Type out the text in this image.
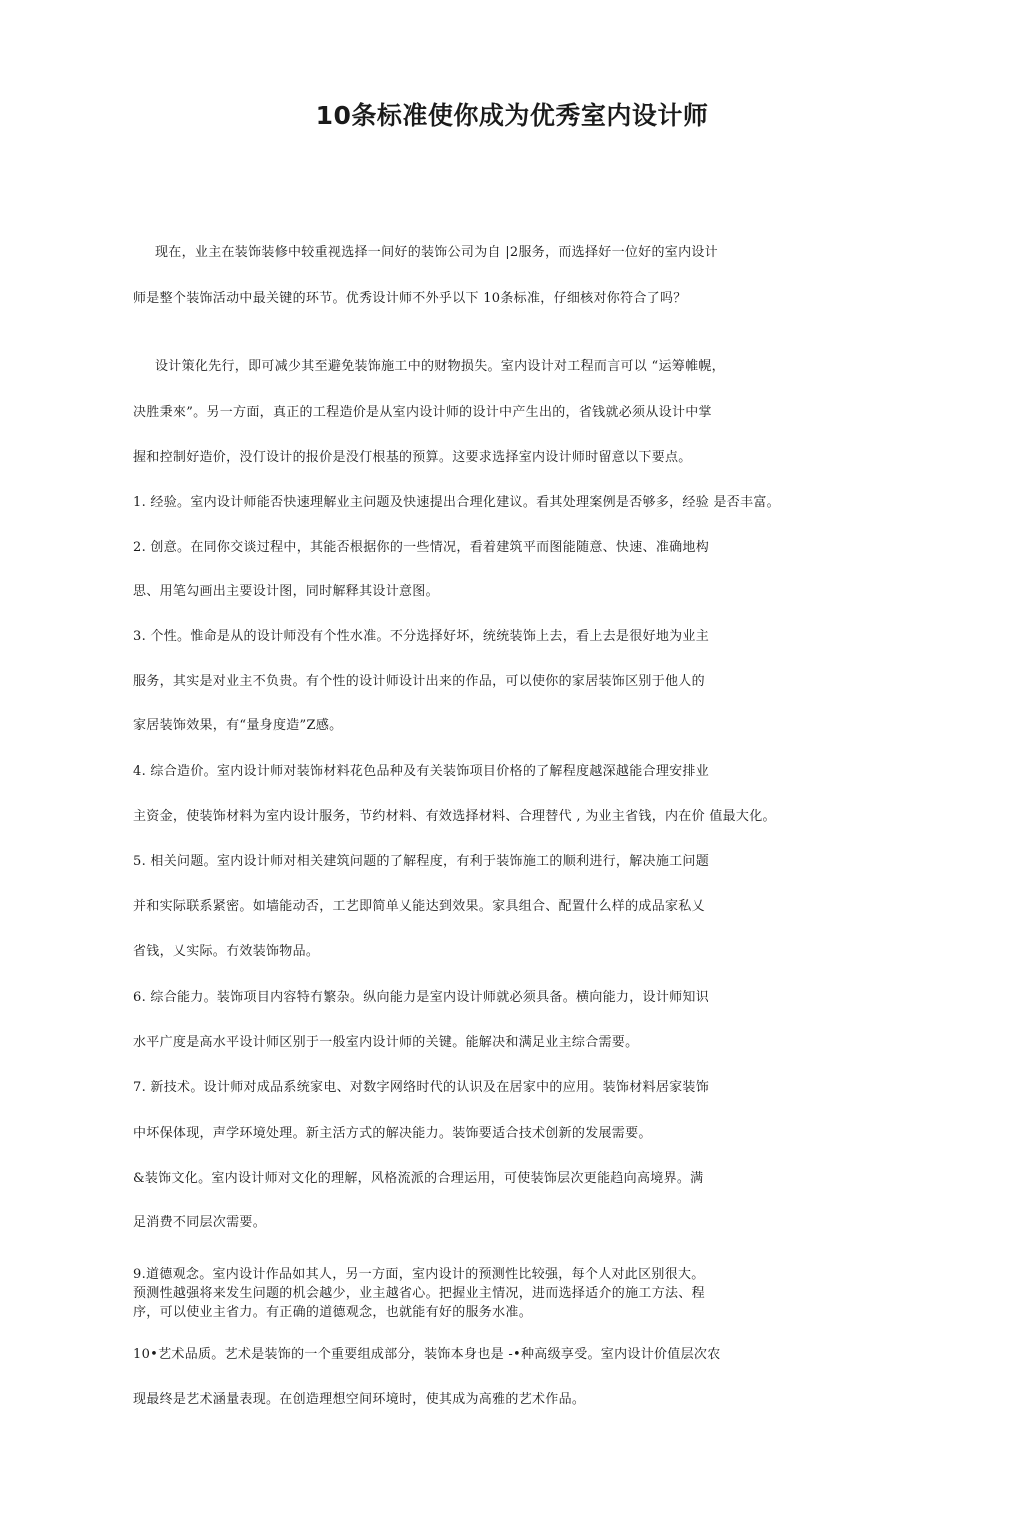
10条标准使你成为优秀室内设计师

现在，业主在装饰装修中较重视选择一间好的装饰公司为自 |2服务，而选择好一位好的室内设计

师是整个装饰活动中最关键的环节。优秀设计师不外乎以下 10条标准，仔细核对你符合了吗？

设计策化先行，即可减少其至避免装饰施工中的财物损失。室内设计对工程而言可以 “运筹帷幌，

决胜秉來”。另一方面，真正的工程造价是从室内设计师的设计中产生出的，省钱就必须从设计中掌

握和控制好造价，没仃设计的报价是没仃根基的预算。这要求选择室内设计师时留意以下要点。

1. 经验。室内设计师能否快速理解业主问题及快速提出合理化建议。看其处理案例是否够多，经验 是否丰富。

2. 创意。在同你交谈过程中，其能否根据你的一些情况，看着建筑平而图能随意、快速、准确地构

思、用笔勾画出主要设计图，同时解释其设计意图。

3. 个性。惟命是从的设计师没有个性水准。不分选择好坏，统统装饰上去，看上去是很好地为业主

服务，其实是对业主不负贵。有个性的设计师设计出来的作品，可以使你的家居装饰区别于他人的

家居装饰效果，有“量身度造”Z感。

4. 综合造价。室内设计师对装饰材料花色品种及有关装饰项目价格的了解程度越深越能合理安排业

主资金，使装饰材料为室内设计服务，节约材料、有效选择材料、合理替代 , 为业主省钱，内在价 值最大化。

5. 相关问题。室内设计师对相关建筑问题的了解程度，有利于装饰施工的顺利进行，解决施工问题

并和实际联系紧密。如墙能动否，工艺即简单乂能达到效果。家具组合、配置什么样的成品家私乂

省钱，乂实际。冇效装饰物品。

6. 综合能力。装饰项目内容特冇繁杂。纵向能力是室内设计师就必须具备。横向能力，设计师知识

水平广度是高水平设计师区别于一般室内设计师的关键。能解决和满足业主综合需要。

7. 新技术。设计师对成品系统家电、对数字网络时代的认识及在居家中的应用。装饰材料居家装饰

中坏保体现，声学环境处理。新主活方式的解决能力。装饰要适合技术创新的发展需要。

&装饰文化。室内设计师对文化的理解，风格流派的合理运用，可使装饰层次更能趋向高境界。满

足消费不同层次需要。

9.道德观念。室内设计作品如其人，另一方面，室内设计的预测性比较强，每个人对此区别很大。

预测性越强将来发生问题的机会越少，业主越省心。把握业主情况，进而选择适介的施工方法、程

序，可以使业主省力。有正确的道德观念，也就能有好的服务水准。

10•艺术品质。艺术是装饰的一个重要组成部分，装饰本身也是 -•种高级享受。室内设计价值层次农

现最终是艺术涵量表现。在创造理想空间环境时，使其成为高雅的艺术作品。
